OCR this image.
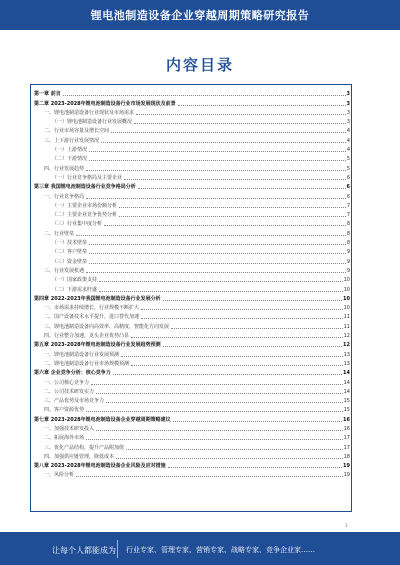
锂电池制造设备企业穿越周期策略研究报告
内容目录
第一章 前言	3
第二章 2023-2028年锂电池制造设备行业市场发展现状及前景	3
一、锂电池制造设备行业现状及市场需求	3
（一）锂电池制造设备行业发展概况	3
二、行业市场容量及增长空间	4
三、上下游行业发展情况	4
（一）上游情况	4
（二）下游情况	5
四、行业发展趋势	5
（一）行业竞争格局及主要企业	6
第三章 我国锂电池制造设备行业竞争格局分析	6
一、行业竞争格局	6
（一）主要企业市场份额分析	7
（二）主要企业竞争优势分析	7
（三）行业集中度分析	8
二、行业壁垒	8
（一）技术壁垒	8
（二）客户壁垒	9
（三）资金壁垒	9
三、行业发展机遇	9
（一）国家政策支持	10
（二）下游需求旺盛	10
第四章 2022-2023年我国锂电池制造设备行业发展分析	10
一、市场需求持续增长，行业规模不断扩大	10
二、国产设备技术水平提升，进口替代加速	11
三、锂电池制造设备向高效率、高精度、智能化方向发展	11
四、行业整合加速，龙头企业优势凸显	12
第五章 2023-2028年锂电池制造设备行业发展趋势预测	12
一、锂电池制造设备行业发展预测	13
二、锂电池制造设备行业市场规模预测	13
第六章 企业竞争分析：核心竞争力	14
一、公司核心竞争力	14
二、公司技术研发实力	14
三、产品优势及市场竞争力	15
四、客户资源优势	15
第七章 2023-2028年锂电池制造设备企业穿越周期策略建议	16
一、加强技术研发投入	16
二、拓展海外市场	17
三、优化产品结构，提升产品附加值	17
四、加强供应链管理，降低成本	18
第八章 2023-2028年锂电池制造设备企业风险及应对措施	19
一、风险分析	19
1
让每个人都能成为 行业专家、管理专家、营销专家、战略专家、竞争企业家……
